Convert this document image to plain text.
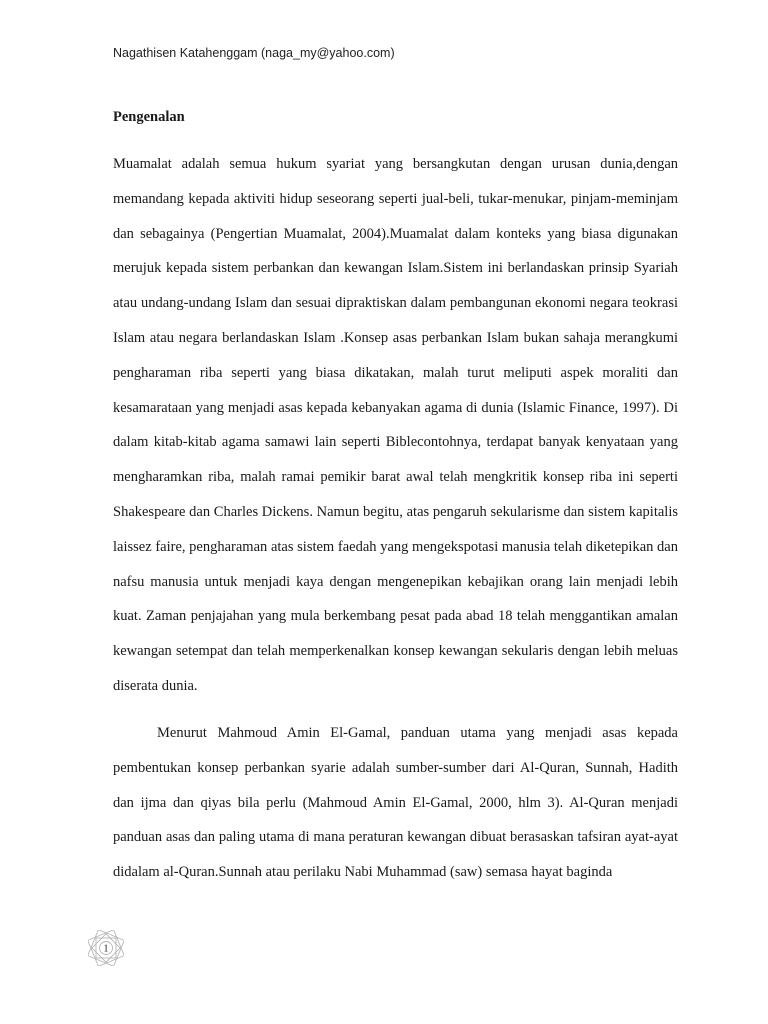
Nagathisen Katahenggam (naga_my@yahoo.com)
Pengenalan

Muamalat adalah semua hukum syariat yang bersangkutan dengan urusan dunia,dengan memandang kepada aktiviti hidup seseorang seperti jual-beli, tukar-menukar, pinjam-meminjam dan sebagainya (Pengertian Muamalat, 2004).Muamalat dalam konteks yang biasa digunakan merujuk kepada sistem perbankan dan kewangan Islam.Sistem ini berlandaskan prinsip Syariah atau undang-undang Islam dan sesuai dipraktiskan dalam pembangunan ekonomi negara teokrasi Islam atau negara berlandaskan Islam .Konsep asas perbankan Islam bukan sahaja merangkumi pengharaman riba seperti yang biasa dikatakan, malah turut meliputi aspek moraliti dan kesamarataan yang menjadi asas kepada kebanyakan agama di dunia (Islamic Finance, 1997). Di dalam kitab-kitab agama samawi lain seperti Biblecontohnya, terdapat banyak kenyataan yang mengharamkan riba, malah ramai pemikir barat awal telah mengkritik konsep riba ini seperti Shakespeare dan Charles Dickens. Namun begitu, atas pengaruh sekularisme dan sistem kapitalis laissez faire, pengharaman atas sistem faedah yang mengekspotasi manusia telah diketepikan dan nafsu manusia untuk menjadi kaya dengan mengenepikan kebajikan orang lain menjadi lebih kuat. Zaman penjajahan yang mula berkembang pesat pada abad 18 telah menggantikan amalan kewangan setempat dan telah memperkenalkan konsep kewangan sekularis dengan lebih meluas diserata dunia.

Menurut Mahmoud Amin El-Gamal, panduan utama yang menjadi asas kepada pembentukan konsep perbankan syarie adalah sumber-sumber dari Al-Quran, Sunnah, Hadith dan ijma dan qiyas bila perlu (Mahmoud Amin El-Gamal, 2000, hlm 3). Al-Quran menjadi panduan asas dan paling utama di mana peraturan kewangan dibuat berasaskan tafsiran ayat-ayat didalam al-Quran.Sunnah atau perilaku Nabi Muhammad (saw) semasa hayat baginda

1
